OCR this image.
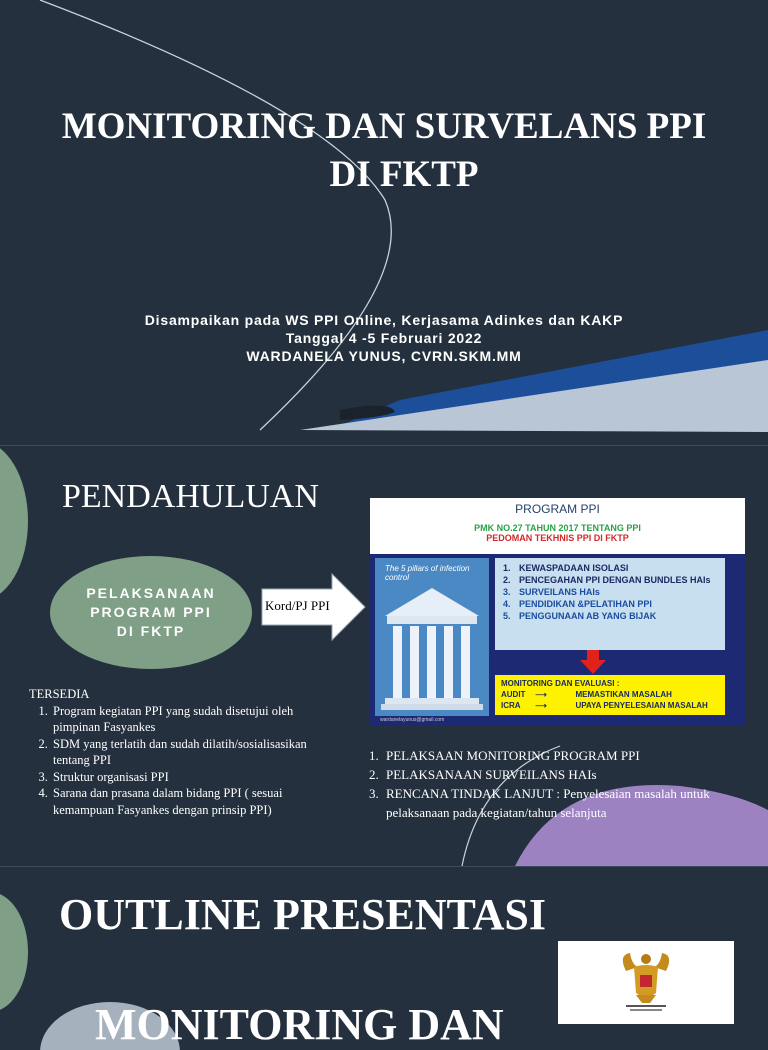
MONITORING DAN SURVELANS PPI
DI FKTP
Disampaikan pada WS PPI Online, Kerjasama Adinkes dan KAKP
Tanggal 4 -5 Februari 2022
WARDANELA YUNUS, CVRN.SKM.MM
PENDAHULUAN
PELAKSANAAN
PROGRAM PPI
DI FKTP
Kord/PJ PPI
TERSEDIA
1. Program kegiatan PPI yang sudah disetujui oleh pimpinan Fasyankes
2. SDM yang terlatih dan sudah dilatih/sosialisasikan tentang PPI
3. Struktur organisasi PPI
4. Sarana dan prasana dalam bidang PPI ( sesuai kemampuan Fasyankes dengan prinsip PPI)
PROGRAM PPI
PMK NO.27 TAHUN 2017 TENTANG PPI
PEDOMAN TEKHNIS PPI DI FKTP
The 5 pillars of infection control
1. KEWASPADAAN ISOLASI
2. PENCEGAHAN PPI DENGAN BUNDLES HAIs
3. SURVEILANS HAIs
4. PENDIDIKAN &PELATIHAN PPI
5. PENGGUNAAN AB YANG BIJAK
MONITORING DAN EVALUASI :
AUDIT ⟶	MEMASTIKAN MASALAH
ICRA ⟶	UPAYA PENYELESAIAN MASALAH
wardanelayunus@gmail.com
1. PELAKSAAN MONITORING PROGRAM PPI
2. PELAKSANAAN SURVEILANS HAIs
3. RENCANA TINDAK LANJUT : Penyelesaian masalah untuk pelaksanaan pada kegiatan/tahun selanjuta
OUTLINE PRESENTASI
MONITORING DAN
